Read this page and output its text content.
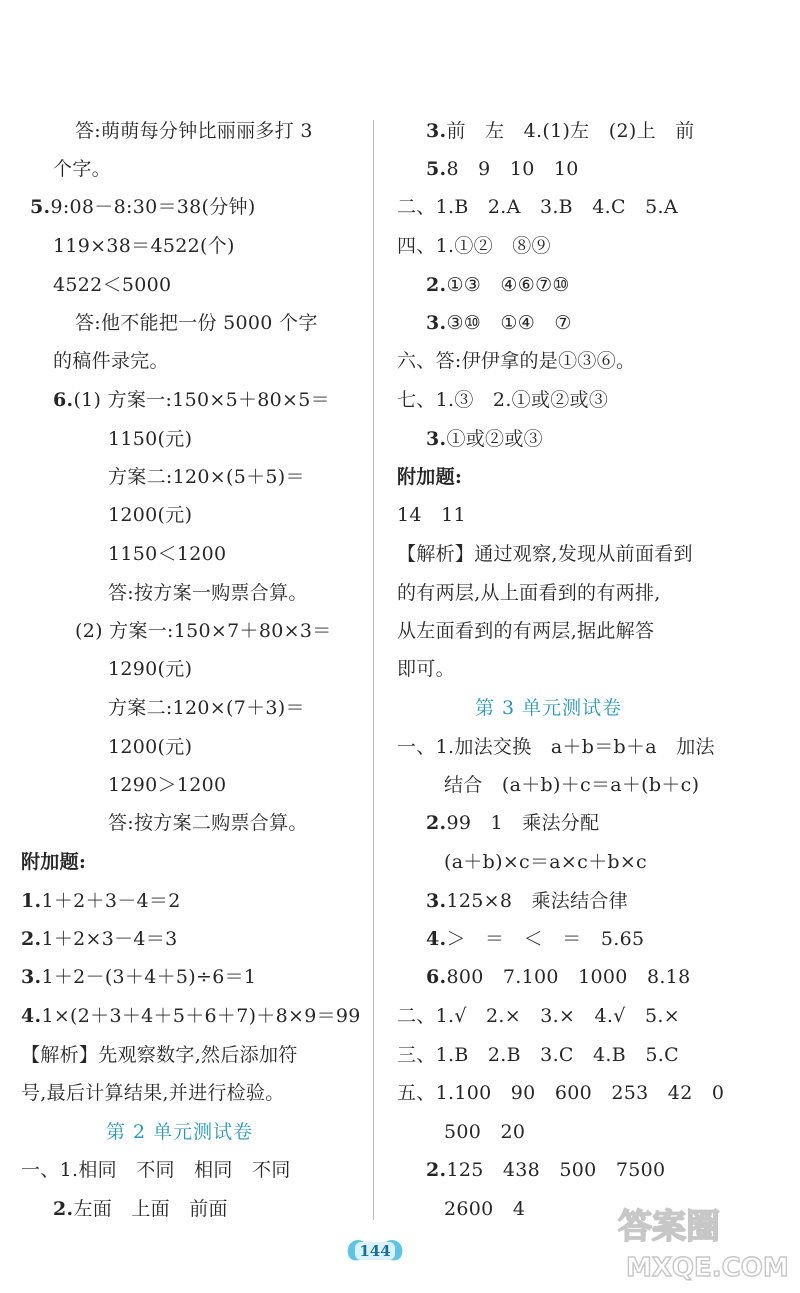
答:萌萌每分钟比丽丽多打 3
个字。
5.9:08－8:30＝38(分钟)
119×38＝4522(个)
4522＜5000
答:他不能把一份 5000 个字
的稿件录完。
6.(1) 方案一:150×5＋80×5＝
1150(元)
方案二:120×(5＋5)＝
1200(元)
1150＜1200
答:按方案一购票合算。
(2) 方案一:150×7＋80×3＝
1290(元)
方案二:120×(7＋3)＝
1200(元)
1290＞1200
答:按方案二购票合算。
附加题:
1.1＋2＋3－4＝2
2.1＋2×3－4＝3
3.1＋2－(3＋4＋5)÷6＝1
4.1×(2＋3＋4＋5＋6＋7)＋8×9＝99
【解析】先观察数字,然后添加符
号,最后计算结果,并进行检验。
一、1.相同　不同　相同　不同
2.左面　上面　前面
第 2 单元测试卷
3.前　左　4.(1)左　(2)上　前
5.8　9　10　10
二、1.B　2.A　3.B　4.C　5.A
四、1.①②　⑧⑨
2.①③　④⑥⑦⑩
3.③⑩　①④　⑦
六、答:伊伊拿的是①③⑥。
七、1.③　2.①或②或③
3.①或②或③
附加题:
14　11
【解析】通过观察,发现从前面看到
的有两层,从上面看到的有两排,
从左面看到的有两层,据此解答
即可。
一、1.加法交换　a＋b＝b＋a　加法
结合　(a＋b)＋c＝a＋(b＋c)
2.99　1　乘法分配
(a＋b)×c＝a×c＋b×c
3.125×8　乘法结合律
4.＞　＝　＜　＝　5.65
6.800　7.100　1000　8.18
二、1.√　2.×　3.×　4.√　5.×
三、1.B　2.B　3.C　4.B　5.C
五、1.100　90　600　253　42　0
500　20
2.125　438　500　7500
2600　4
第 3 单元测试卷
144
答案圈
MXQE.COM
